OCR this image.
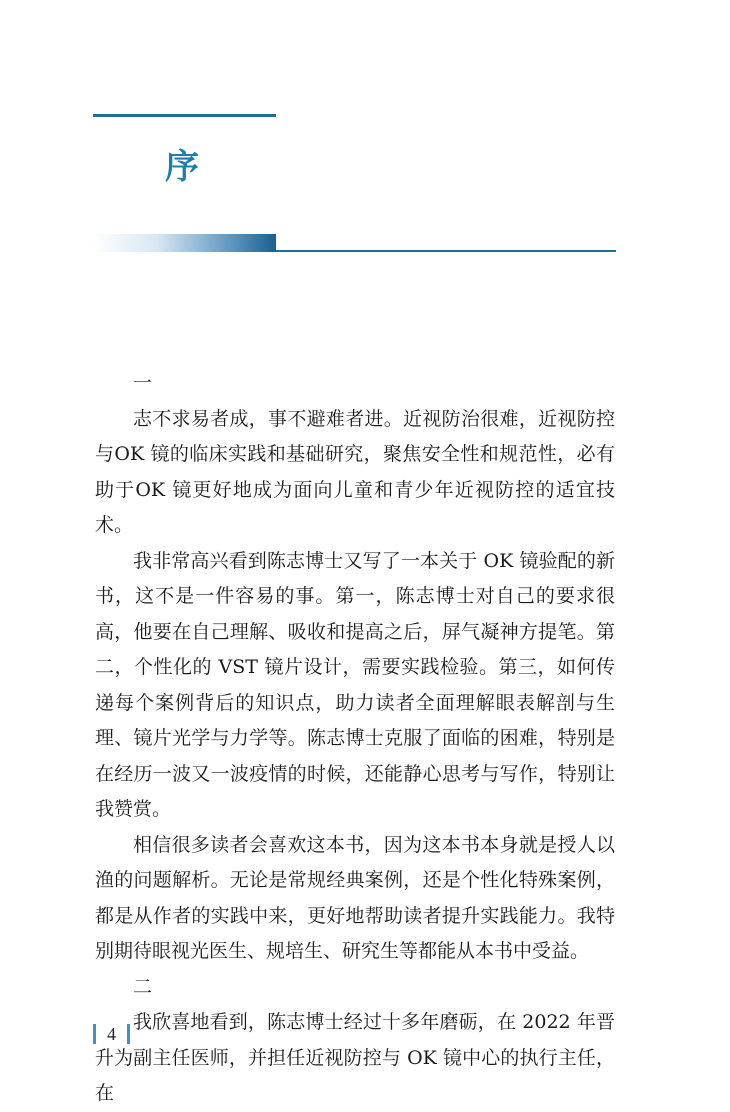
序

一

志不求易者成，事不避难者进。近视防治很难，近视防控与OK 镜的临床实践和基础研究，聚焦安全性和规范性，必有助于OK 镜更好地成为面向儿童和青少年近视防控的适宜技术。

我非常高兴看到陈志博士又写了一本关于 OK 镜验配的新书，这不是一件容易的事。第一，陈志博士对自己的要求很高，他要在自己理解、吸收和提高之后，屏气凝神方提笔。第二，个性化的 VST 镜片设计，需要实践检验。第三，如何传递每个案例背后的知识点，助力读者全面理解眼表解剖与生理、镜片光学与力学等。陈志博士克服了面临的困难，特别是在经历一波又一波疫情的时候，还能静心思考与写作，特别让我赞赏。

相信很多读者会喜欢这本书，因为这本书本身就是授人以渔的问题解析。无论是常规经典案例，还是个性化特殊案例，都是从作者的实践中来，更好地帮助读者提升实践能力。我特别期待眼视光医生、规培生、研究生等都能从本书中受益。

二

我欣喜地看到，陈志博士经过十多年磨砺，在 2022 年晋升为副主任医师，并担任近视防控与 OK 镜中心的执行主任，在

4
